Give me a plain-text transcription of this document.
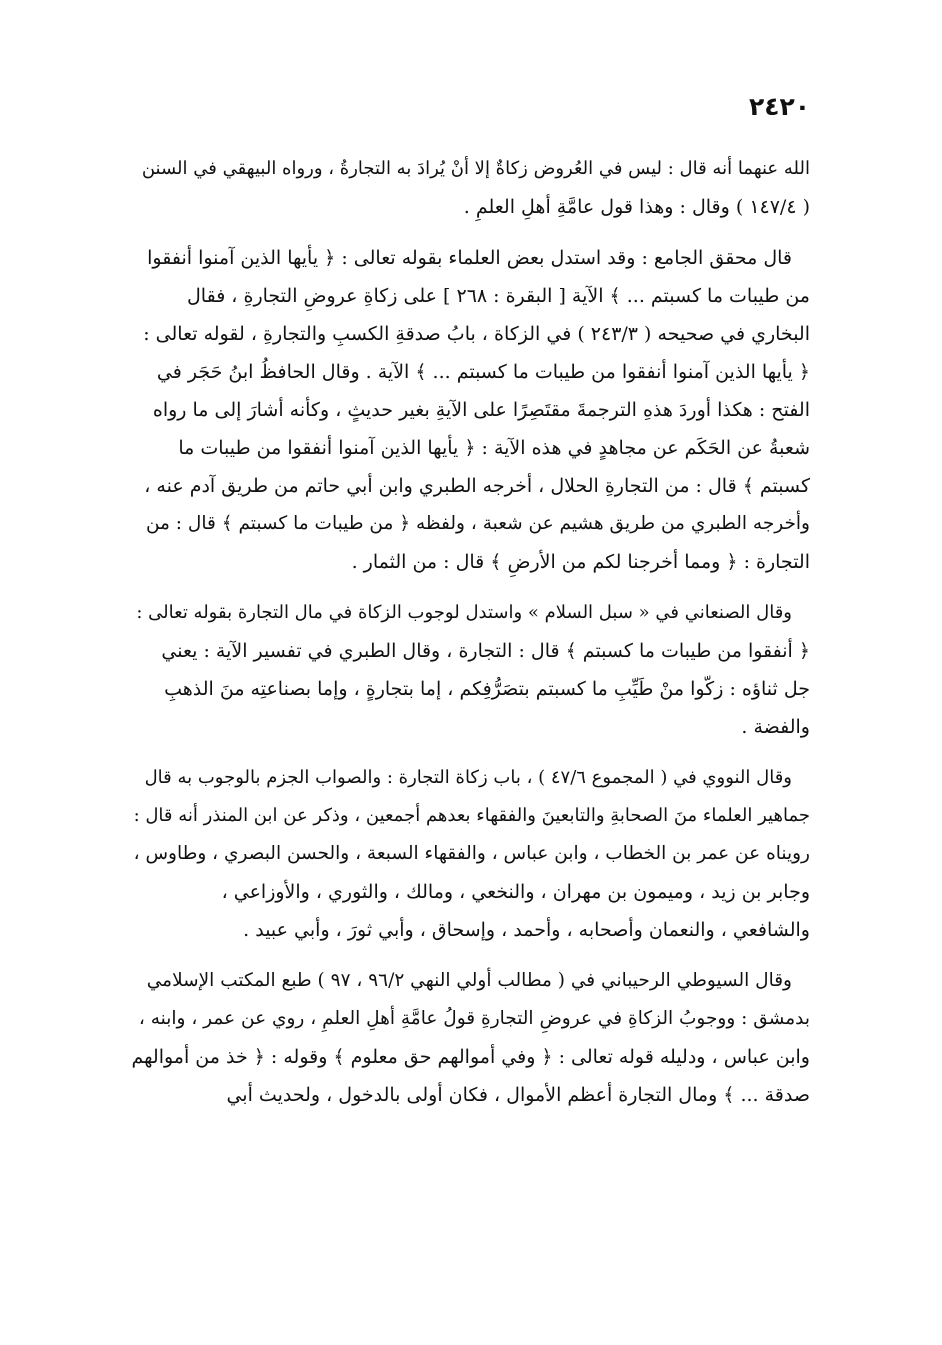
٢٤٢٠
الله عنهما أنه قال : ليس في العُروض زكاةٌ إلا أنْ يُرادَ به التجارةُ ، ورواه البيهقي في السنن
( ١٤٧/٤ ) وقال : وهذا قول عامَّةِ أهلِ العلمِ .
قال محقق الجامع : وقد استدل بعض العلماء بقوله تعالى : ﴿ يأيها الذين آمنوا أنفقوا
من طيبات ما كسبتم ... ﴾ الآية [ البقرة : ٢٦٨ ] على زكاةِ عروضِ التجارةِ ، فقال
البخاري في صحيحه ( ٢٤٣/٣ ) في الزكاة ، بابُ صدقةِ الكسبِ والتجارةِ ، لقوله تعالى :
﴿ يأيها الذين آمنوا أنفقوا من طيبات ما كسبتم ... ﴾ الآية . وقال الحافظُ ابنُ حَجَر في
الفتح : هكذا أوردَ هذهِ الترجمةَ مقتَصِرًا على الآيةِ بغير حديثٍ ، وكأنه أشارَ إلى ما رواه
شعبةُ عن الحَكَم عن مجاهدٍ في هذه الآية : ﴿ يأيها الذين آمنوا أنفقوا من طيبات ما
كسبتم ﴾ قال : من التجارةِ الحلال ، أخرجه الطبري وابن أبي حاتم من طريق آدم عنه ،
وأخرجه الطبري من طريق هشيم عن شعبة ، ولفظه ﴿ من طيبات ما كسبتم ﴾ قال : من
التجارة : ﴿ ومما أخرجنا لكم من الأرضِ ﴾ قال : من الثمار .
وقال الصنعاني في « سبل السلام » واستدل لوجوب الزكاة في مال التجارة بقوله تعالى :
﴿ أنفقوا من طيبات ما كسبتم ﴾ قال : التجارة ، وقال الطبري في تفسير الآية : يعني
جل ثناؤه : زكّوا منْ طَيِّبِ ما كسبتم بتصَرُّفِكم ، إما بتجارةٍ ، وإما بصناعتِه منَ الذهبِ
والفضة .
وقال النووي في ( المجموع ٤٧/٦ ) ، باب زكاة التجارة : والصواب الجزم بالوجوب به قال
جماهير العلماء منَ الصحابةِ والتابعينَ والفقهاء بعدهم أجمعين ، وذكر عن ابن المنذر أنه قال :
رويناه عن عمر بن الخطاب ، وابن عباس ، والفقهاء السبعة ، والحسن البصري ، وطاوس ،
وجابر بن زيد ، وميمون بن مهران ، والنخعي ، ومالك ، والثوري ، والأوزاعي ،
والشافعي ، والنعمان وأصحابه ، وأحمد ، وإسحاق ، وأبي ثورَ ، وأبي عبيد .
وقال السيوطي الرحيباني في ( مطالب أولي النهي ٩٦/٢ ، ٩٧ ) طبع المكتب الإسلامي
بدمشق : ووجوبُ الزكاةِ في عروضِ التجارةِ قولُ عامَّةِ أهلِ العلمِ ، روي عن عمر ، وابنه ،
وابن عباس ، ودليله قوله تعالى : ﴿ وفي أموالهم حق معلوم ﴾ وقوله : ﴿ خذ من أموالهم
صدقة ... ﴾ ومال التجارة أعظم الأموال ، فكان أولى بالدخول ، ولحديث أبي
